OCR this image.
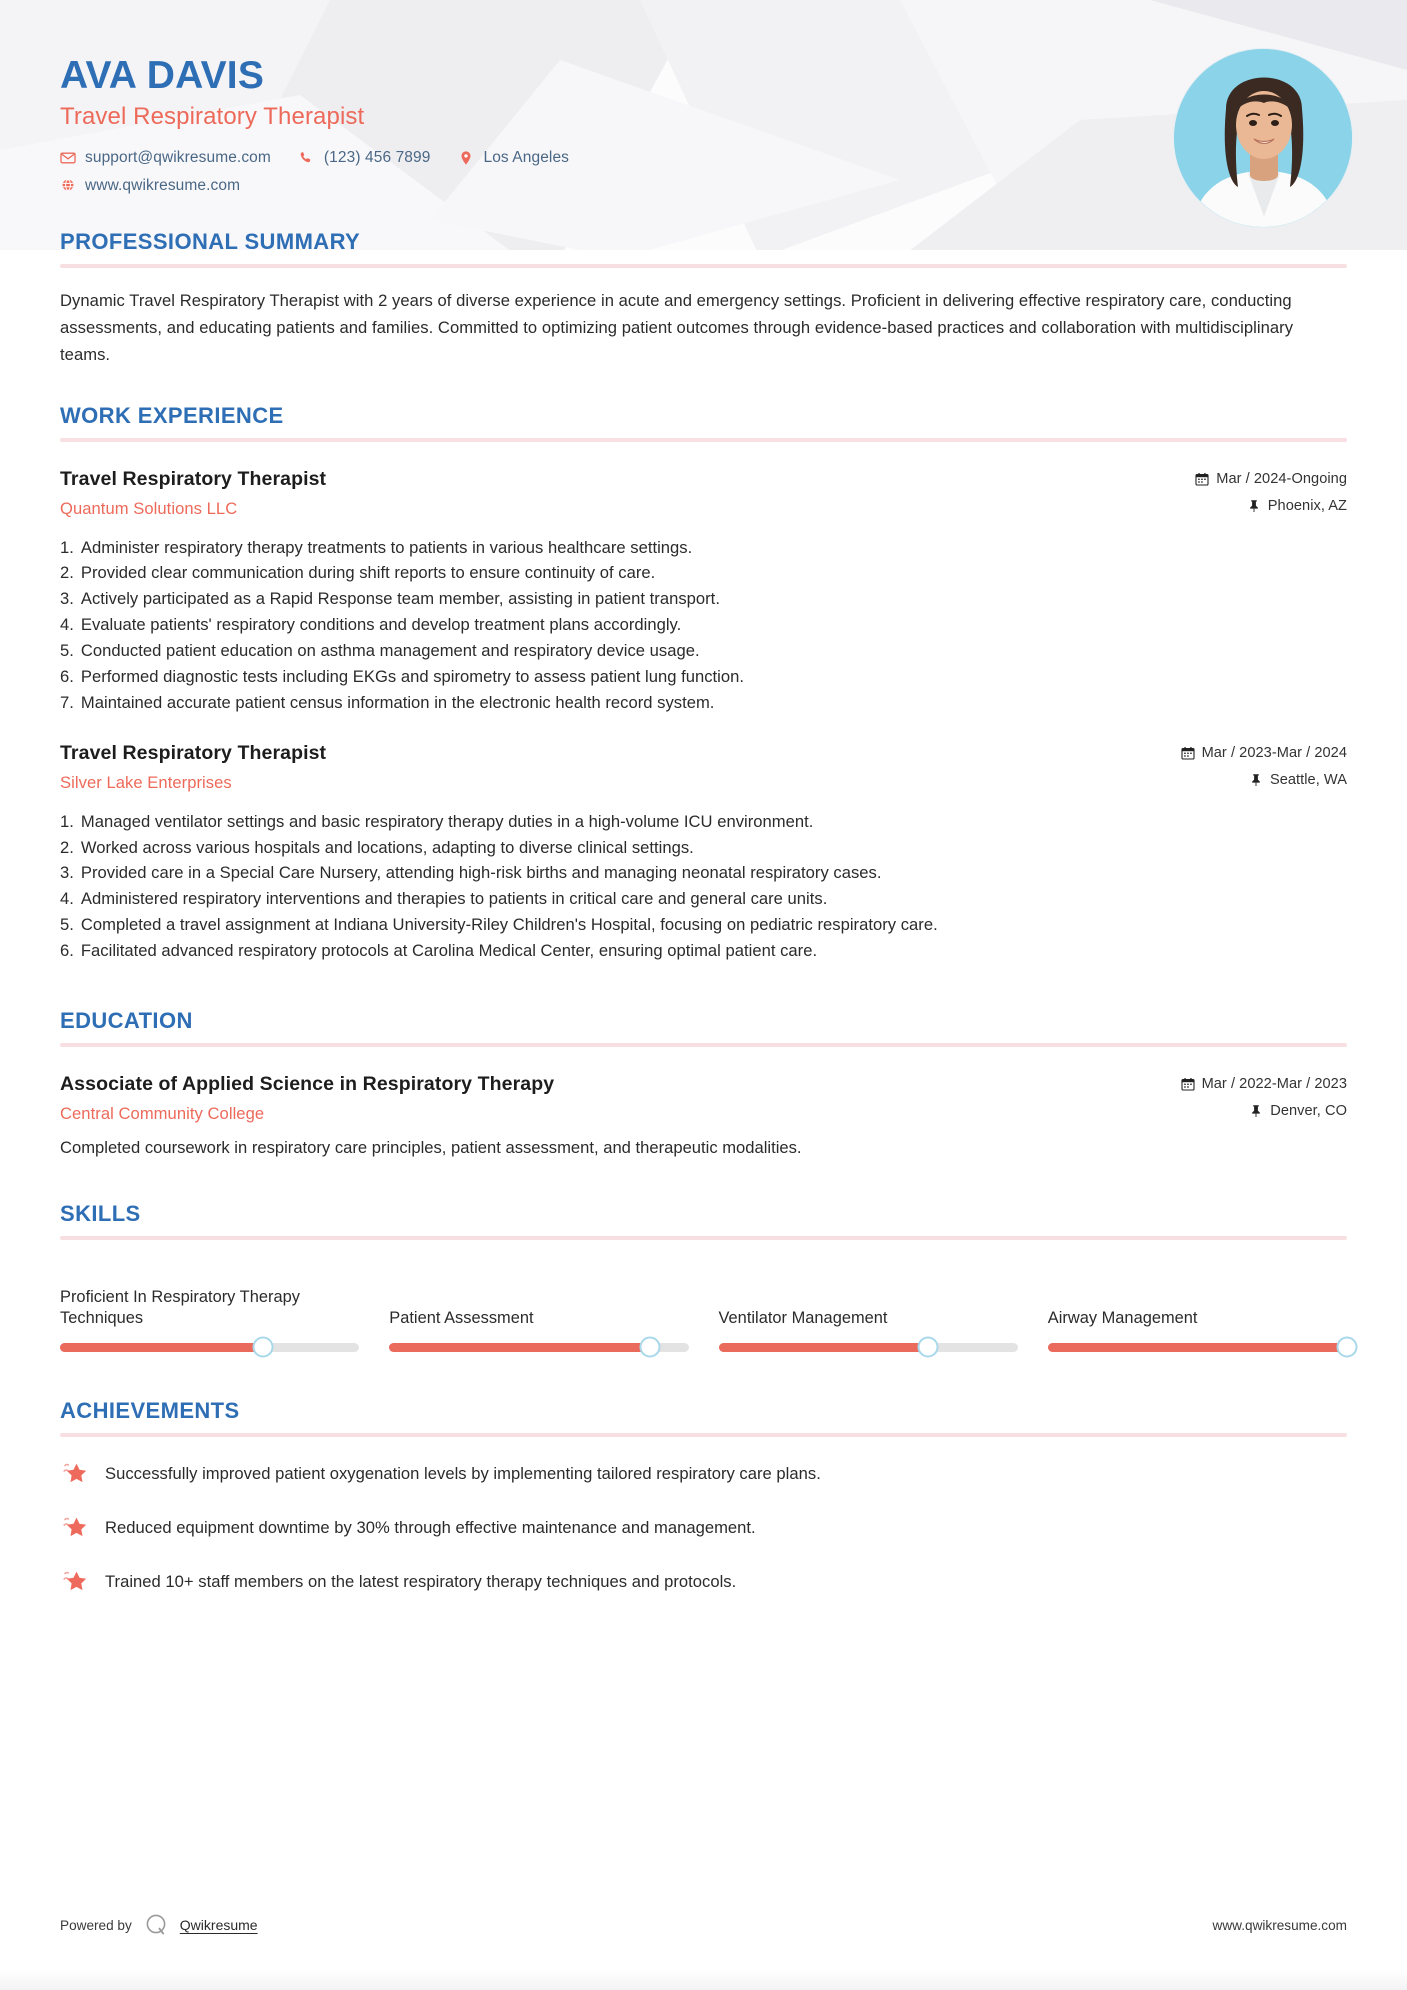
AVA DAVIS
Travel Respiratory Therapist
support@qwikresume.com	(123) 456 7899	Los Angeles
www.qwikresume.com
PROFESSIONAL SUMMARY

Dynamic Travel Respiratory Therapist with 2 years of diverse experience in acute and emergency settings. Proficient in delivering effective respiratory care, conducting assessments, and educating patients and families. Committed to optimizing patient outcomes through evidence-based practices and collaboration with multidisciplinary teams.

WORK EXPERIENCE
Travel Respiratory Therapist
Quantum Solutions LLC
Mar / 2024-Ongoing
Phoenix, AZ
1. Administer respiratory therapy treatments to patients in various healthcare settings.
2. Provided clear communication during shift reports to ensure continuity of care.
3. Actively participated as a Rapid Response team member, assisting in patient transport.
4. Evaluate patients' respiratory conditions and develop treatment plans accordingly.
5. Conducted patient education on asthma management and respiratory device usage.
6. Performed diagnostic tests including EKGs and spirometry to assess patient lung function.
7. Maintained accurate patient census information in the electronic health record system.
Travel Respiratory Therapist
Silver Lake Enterprises
Mar / 2023-Mar / 2024
Seattle, WA
1. Managed ventilator settings and basic respiratory therapy duties in a high-volume ICU environment.
2. Worked across various hospitals and locations, adapting to diverse clinical settings.
3. Provided care in a Special Care Nursery, attending high-risk births and managing neonatal respiratory cases.
4. Administered respiratory interventions and therapies to patients in critical care and general care units.
5. Completed a travel assignment at Indiana University-Riley Children's Hospital, focusing on pediatric respiratory care.
6. Facilitated advanced respiratory protocols at Carolina Medical Center, ensuring optimal patient care.
EDUCATION
Associate of Applied Science in Respiratory Therapy
Central Community College
Mar / 2022-Mar / 2023
Denver, CO
Completed coursework in respiratory care principles, patient assessment, and therapeutic modalities.
SKILLS
Proficient In Respiratory Therapy Techniques	Patient Assessment	Ventilator Management	Airway Management
ACHIEVEMENTS
Successfully improved patient oxygenation levels by implementing tailored respiratory care plans.
Reduced equipment downtime by 30% through effective maintenance and management.
Trained 10+ staff members on the latest respiratory therapy techniques and protocols.
Powered by	Qwikresume	www.qwikresume.com
